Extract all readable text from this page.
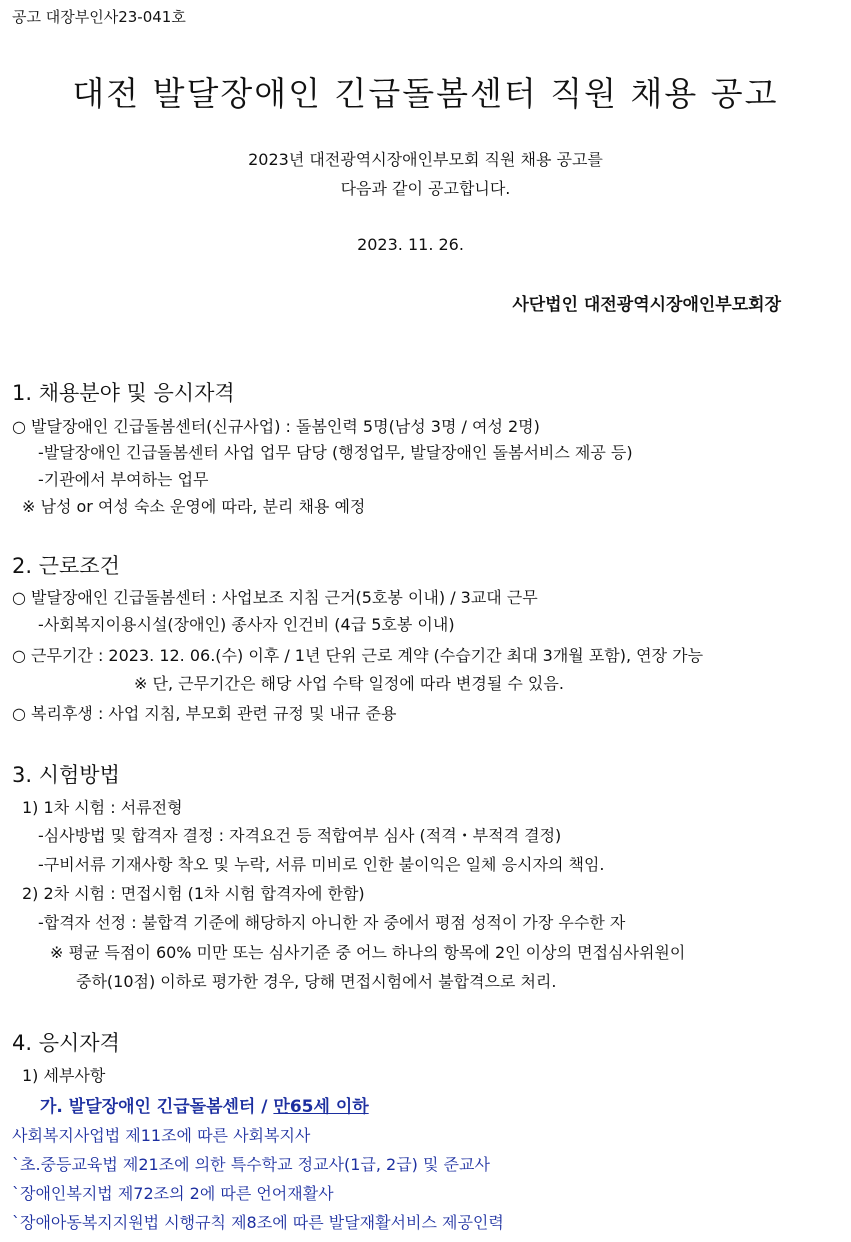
공고 대장부인사23-041호
대전 발달장애인 긴급돌봄센터 직원 채용 공고
2023년 대전광역시장애인부모회 직원 채용 공고를
다음과 같이 공고합니다.
2023. 11. 26.
사단법인 대전광역시장애인부모회장
1. 채용분야 및 응시자격
○ 발달장애인 긴급돌봄센터(신규사업) : 돌봄인력 5명(남성 3명 / 여성 2명)
-발달장애인 긴급돌봄센터 사업 업무 담당 (행정업무, 발달장애인 돌봄서비스 제공 등)
-기관에서 부여하는 업무
※ 남성 or 여성 숙소 운영에 따라, 분리 채용 예정
2. 근로조건
○ 발달장애인 긴급돌봄센터 : 사업보조 지침 근거(5호봉 이내) / 3교대 근무
-사회복지이용시설(장애인) 종사자 인건비 (4급 5호봉 이내)
○ 근무기간 : 2023. 12. 06.(수) 이후 / 1년 단위 근로 계약 (수습기간 최대 3개월 포함), 연장 가능
※ 단, 근무기간은 해당 사업 수탁 일정에 따라 변경될 수 있음.
○ 복리후생 : 사업 지침, 부모회 관련 규정 및 내규 준용
3. 시험방법
1) 1차 시험 : 서류전형
-심사방법 및 합격자 결정 : 자격요건 등 적합여부 심사 (적격・부적격 결정)
-구비서류 기재사항 착오 및 누락, 서류 미비로 인한 불이익은 일체 응시자의 책임.
2) 2차 시험 : 면접시험 (1차 시험 합격자에 한함)
-합격자 선정 : 불합격 기준에 해당하지 아니한 자 중에서 평점 성적이 가장 우수한 자
※ 평균 득점이 60% 미만 또는 심사기준 중 어느 하나의 항목에 2인 이상의 면접심사위원이
중하(10점) 이하로 평가한 경우, 당해 면접시험에서 불합격으로 처리.
4. 응시자격
1) 세부사항
가. 발달장애인 긴급돌봄센터 / 만65세 이하
사회복지사업법 제11조에 따른 사회복지사
`초.중등교육법 제21조에 의한 특수학교 정교사(1급, 2급) 및 준교사
`장애인복지법 제72조의 2에 따른 언어재활사
`장애아동복지지원법 시행규칙 제8조에 따른 발달재활서비스 제공인력
